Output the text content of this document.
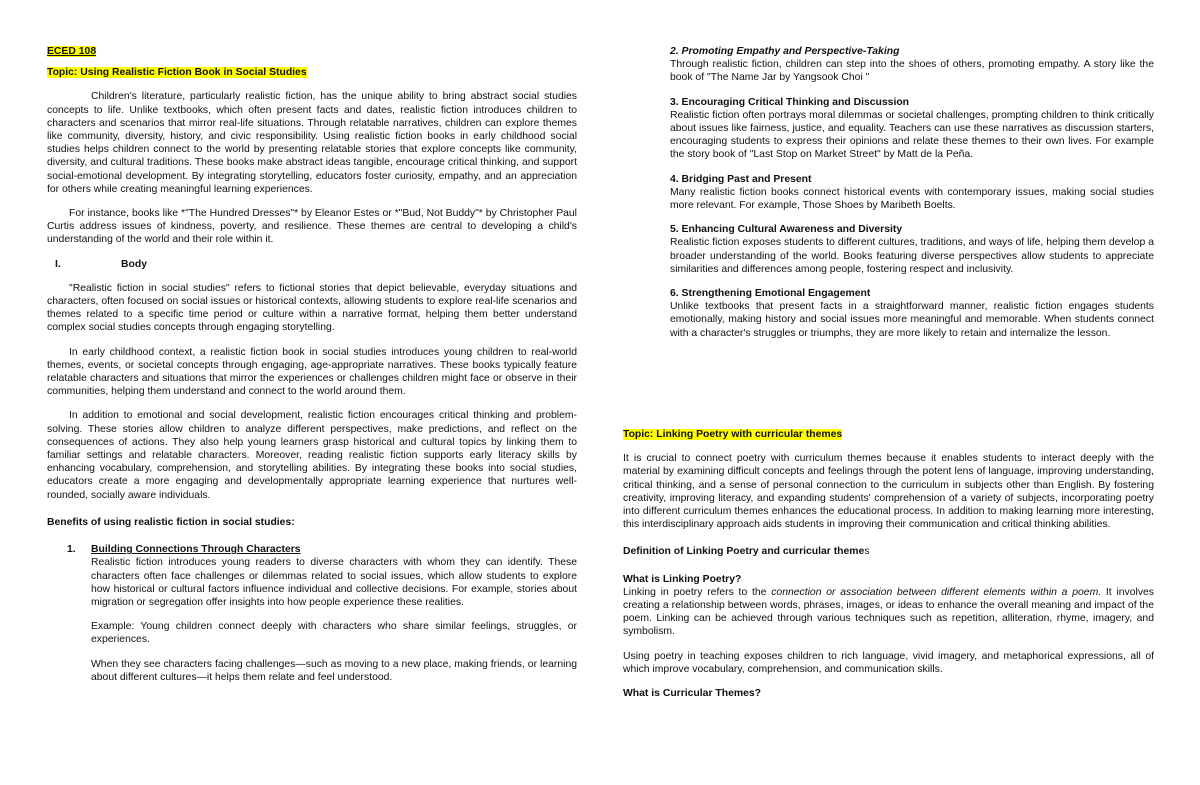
ECED 108

Topic: Using Realistic Fiction Book in Social Studies

Children's literature, particularly realistic fiction, has the unique ability to bring abstract social studies concepts to life. Unlike textbooks, which often present facts and dates, realistic fiction introduces children to characters and scenarios that mirror real-life situations. Through relatable narratives, children can explore themes like community, diversity, history, and civic responsibility. Using realistic fiction books in early childhood social studies helps children connect to the world by presenting relatable stories that explore concepts like community, diversity, and cultural traditions. These books make abstract ideas tangible, encourage critical thinking, and support social-emotional development. By integrating storytelling, educators foster curiosity, empathy, and an appreciation for others while creating meaningful learning experiences.

For instance, books like *"The Hundred Dresses"* by Eleanor Estes or *"Bud, Not Buddy"* by Christopher Paul Curtis address issues of kindness, poverty, and resilience. These themes are central to developing a child's understanding of the world and their role within it.

I.	Body

"Realistic fiction in social studies" refers to fictional stories that depict believable, everyday situations and characters, often focused on social issues or historical contexts, allowing students to explore real-life scenarios and themes related to a specific time period or culture within a narrative format, helping them better understand complex social studies concepts through engaging storytelling.

In early childhood context, a realistic fiction book in social studies introduces young children to real-world themes, events, or societal concepts through engaging, age-appropriate narratives. These books typically feature relatable characters and situations that mirror the experiences or challenges children might face or observe in their communities, helping them understand and connect to the world around them.

In addition to emotional and social development, realistic fiction encourages critical thinking and problem-solving. These stories allow children to analyze different perspectives, make predictions, and reflect on the consequences of actions. They also help young learners grasp historical and cultural topics by linking them to familiar settings and relatable characters. Moreover, reading realistic fiction supports early literacy skills by enhancing vocabulary, comprehension, and storytelling abilities. By integrating these books into social studies, educators create a more engaging and developmentally appropriate learning experience that nurtures well-rounded, socially aware individuals.

Benefits of using realistic fiction in social studies:

1.	Building Connections Through Characters

Realistic fiction introduces young readers to diverse characters with whom they can identify. These characters often face challenges or dilemmas related to social issues, which allow students to explore how historical or cultural factors influence individual and collective decisions. For example, stories about migration or segregation offer insights into how people experience these realities.

Example: Young children connect deeply with characters who share similar feelings, struggles, or experiences.

When they see characters facing challenges—such as moving to a new place, making friends, or learning about different cultures—it helps them relate and feel understood.

2. Promoting Empathy and Perspective-Taking

Through realistic fiction, children can step into the shoes of others, promoting empathy. A story like the book of "The Name Jar by Yangsook Choi "

3. Encouraging Critical Thinking and Discussion

Realistic fiction often portrays moral dilemmas or societal challenges, prompting children to think critically about issues like fairness, justice, and equality. Teachers can use these narratives as discussion starters, encouraging students to express their opinions and relate these themes to their own lives. For example the story book of "Last Stop on Market Street" by Matt de la Peña.

4. Bridging Past and Present

Many realistic fiction books connect historical events with contemporary issues, making social studies more relevant. For example, Those Shoes by Maribeth Boelts.

5. Enhancing Cultural Awareness and Diversity

Realistic fiction exposes students to different cultures, traditions, and ways of life, helping them develop a broader understanding of the world. Books featuring diverse perspectives allow students to appreciate similarities and differences among people, fostering respect and inclusivity.

6. Strengthening Emotional Engagement

Unlike textbooks that present facts in a straightforward manner, realistic fiction engages students emotionally, making history and social issues more meaningful and memorable. When students connect with a character's struggles or triumphs, they are more likely to retain and internalize the lesson.

Topic: Linking Poetry with curricular themes

It is crucial to connect poetry with curriculum themes because it enables students to interact deeply with the material by examining difficult concepts and feelings through the potent lens of language, improving understanding, critical thinking, and a sense of personal connection to the curriculum in subjects other than English. By fostering creativity, improving literacy, and expanding students' comprehension of a variety of subjects, incorporating poetry into different curriculum themes enhances the educational process. In addition to making learning more interesting, this interdisciplinary approach aids students in improving their communication and critical thinking abilities.

Definition of Linking Poetry and curricular themes

What is Linking Poetry?

Linking in poetry refers to the connection or association between different elements within a poem. It involves creating a relationship between words, phrases, images, or ideas to enhance the overall meaning and impact of the poem. Linking can be achieved through various techniques such as repetition, alliteration, rhyme, imagery, and symbolism.

Using poetry in teaching exposes children to rich language, vivid imagery, and metaphorical expressions, all of which improve vocabulary, comprehension, and communication skills.

What is Curricular Themes?
